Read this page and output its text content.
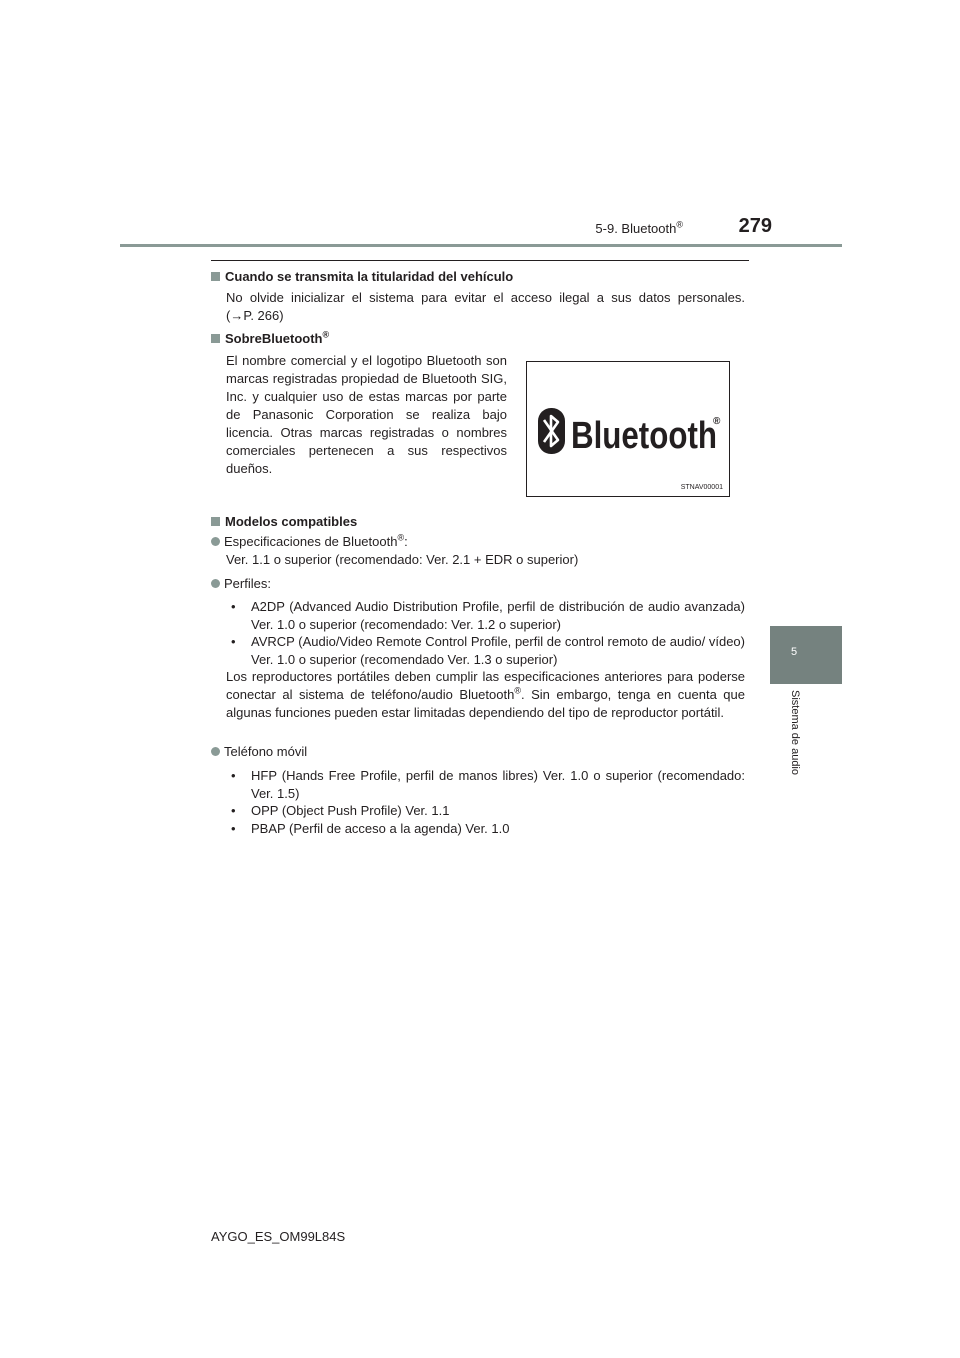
5-9. Bluetooth®	279
5
Sistema de audio
Cuando se transmita la titularidad del vehículo
No olvide inicializar el sistema para evitar el acceso ilegal a sus datos personales.
(→P. 266)
SobreBluetooth®
El nombre comercial y el logotipo Bluetooth son marcas registradas propiedad de Bluetooth SIG, Inc. y cualquier uso de estas marcas por parte de Panasonic Corporation se realiza bajo licencia. Otras marcas registradas o nombres comerciales pertenecen a sus respectivos dueños.
Bluetooth
®
STNAV00001
Modelos compatibles
Especificaciones de Bluetooth®:
Ver. 1.1 o superior (recomendado: Ver. 2.1 + EDR o superior)
Perfiles:
• A2DP (Advanced Audio Distribution Profile, perfil de distribución de audio avanzada) Ver. 1.0 o superior (recomendado: Ver. 1.2 o superior)
• AVRCP (Audio/Video Remote Control Profile, perfil de control remoto de audio/ vídeo) Ver. 1.0 o superior (recomendado Ver. 1.3 o superior)
Los reproductores portátiles deben cumplir las especificaciones anteriores para poderse conectar al sistema de teléfono/audio Bluetooth®. Sin embargo, tenga en cuenta que algunas funciones pueden estar limitadas dependiendo del tipo de reproductor portátil.
Teléfono móvil
• HFP (Hands Free Profile, perfil de manos libres) Ver. 1.0 o superior (recomendado: Ver. 1.5)
• OPP (Object Push Profile) Ver. 1.1
• PBAP (Perfil de acceso a la agenda) Ver. 1.0
AYGO_ES_OM99L84S
